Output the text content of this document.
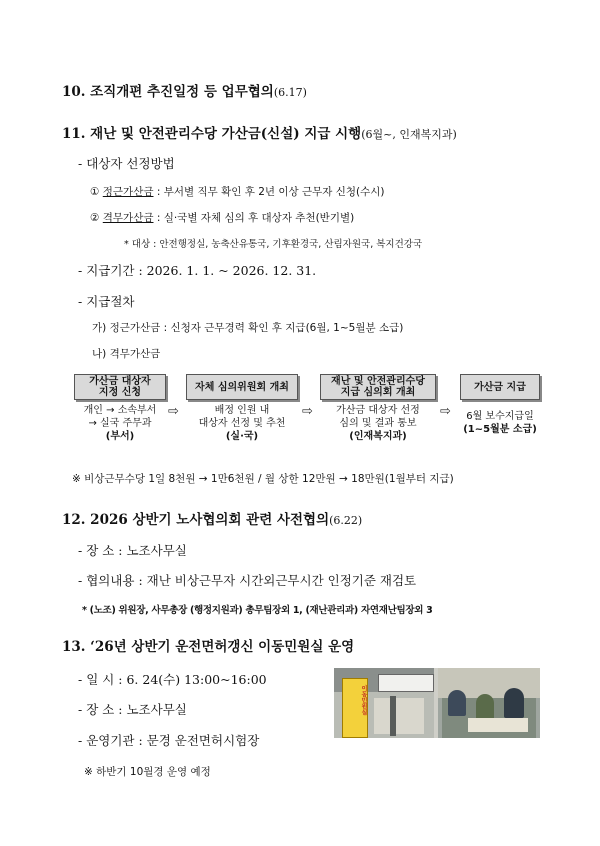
10. 조직개편 추진일정 등 업무협의(6.17)
11. 재난 및 안전관리수당 가산금(신설) 지급 시행(6월~, 인재복지과)
- 대상자 선정방법
① 정근가산금 : 부서별 직무 확인 후 2년 이상 근무자 신청(수시)
② 격무가산금 : 실·국별 자체 심의 후 대상자 추천(반기별)
* 대상 : 안전행정실, 농축산유통국, 기후환경국, 산림자원국, 복지건강국
- 지급기간 : 2026. 1. 1. ~ 2026. 12. 31.
- 지급절차
가) 정근가산금 : 신청자 근무경력 확인 후 지급(6월, 1~5월분 소급)
나) 격무가산금
가산금 대상자
지정 신청
개인 → 소속부서
→ 실국 주무과
(부서)
⇨
자체 심의위원회 개최
배정 인원 내
대상자 선정 및 추천
(실·국)
⇨
재난 및 안전관리수당
지급 심의회 개최
가산금 대상자 선정
심의 및 결과 통보
(인재복지과)
⇨
가산금 지급
6월 보수지급일
(1~5월분 소급)
※ 비상근무수당 1일 8천원 → 1만6천원 / 월 상한 12만원 → 18만원(1월부터 지급)
12. 2026 상반기 노사협의회 관련 사전협의(6.22)
- 장 소 : 노조사무실
- 협의내용 : 재난 비상근무자 시간외근무시간 인정기준 재검토
* (노조) 위원장, 사무총장 (행정지원과) 총무팀장외 1, (재난관리과) 자연재난팀장외 3
13. ‘26년 상반기 운전면허갱신 이동민원실 운영
- 일 시 : 6. 24(수) 13:00~16:00
- 장 소 : 노조사무실
- 운영기관 : 문경 운전면허시험장
※ 하반기 10월경 운영 예정
이동민원실
